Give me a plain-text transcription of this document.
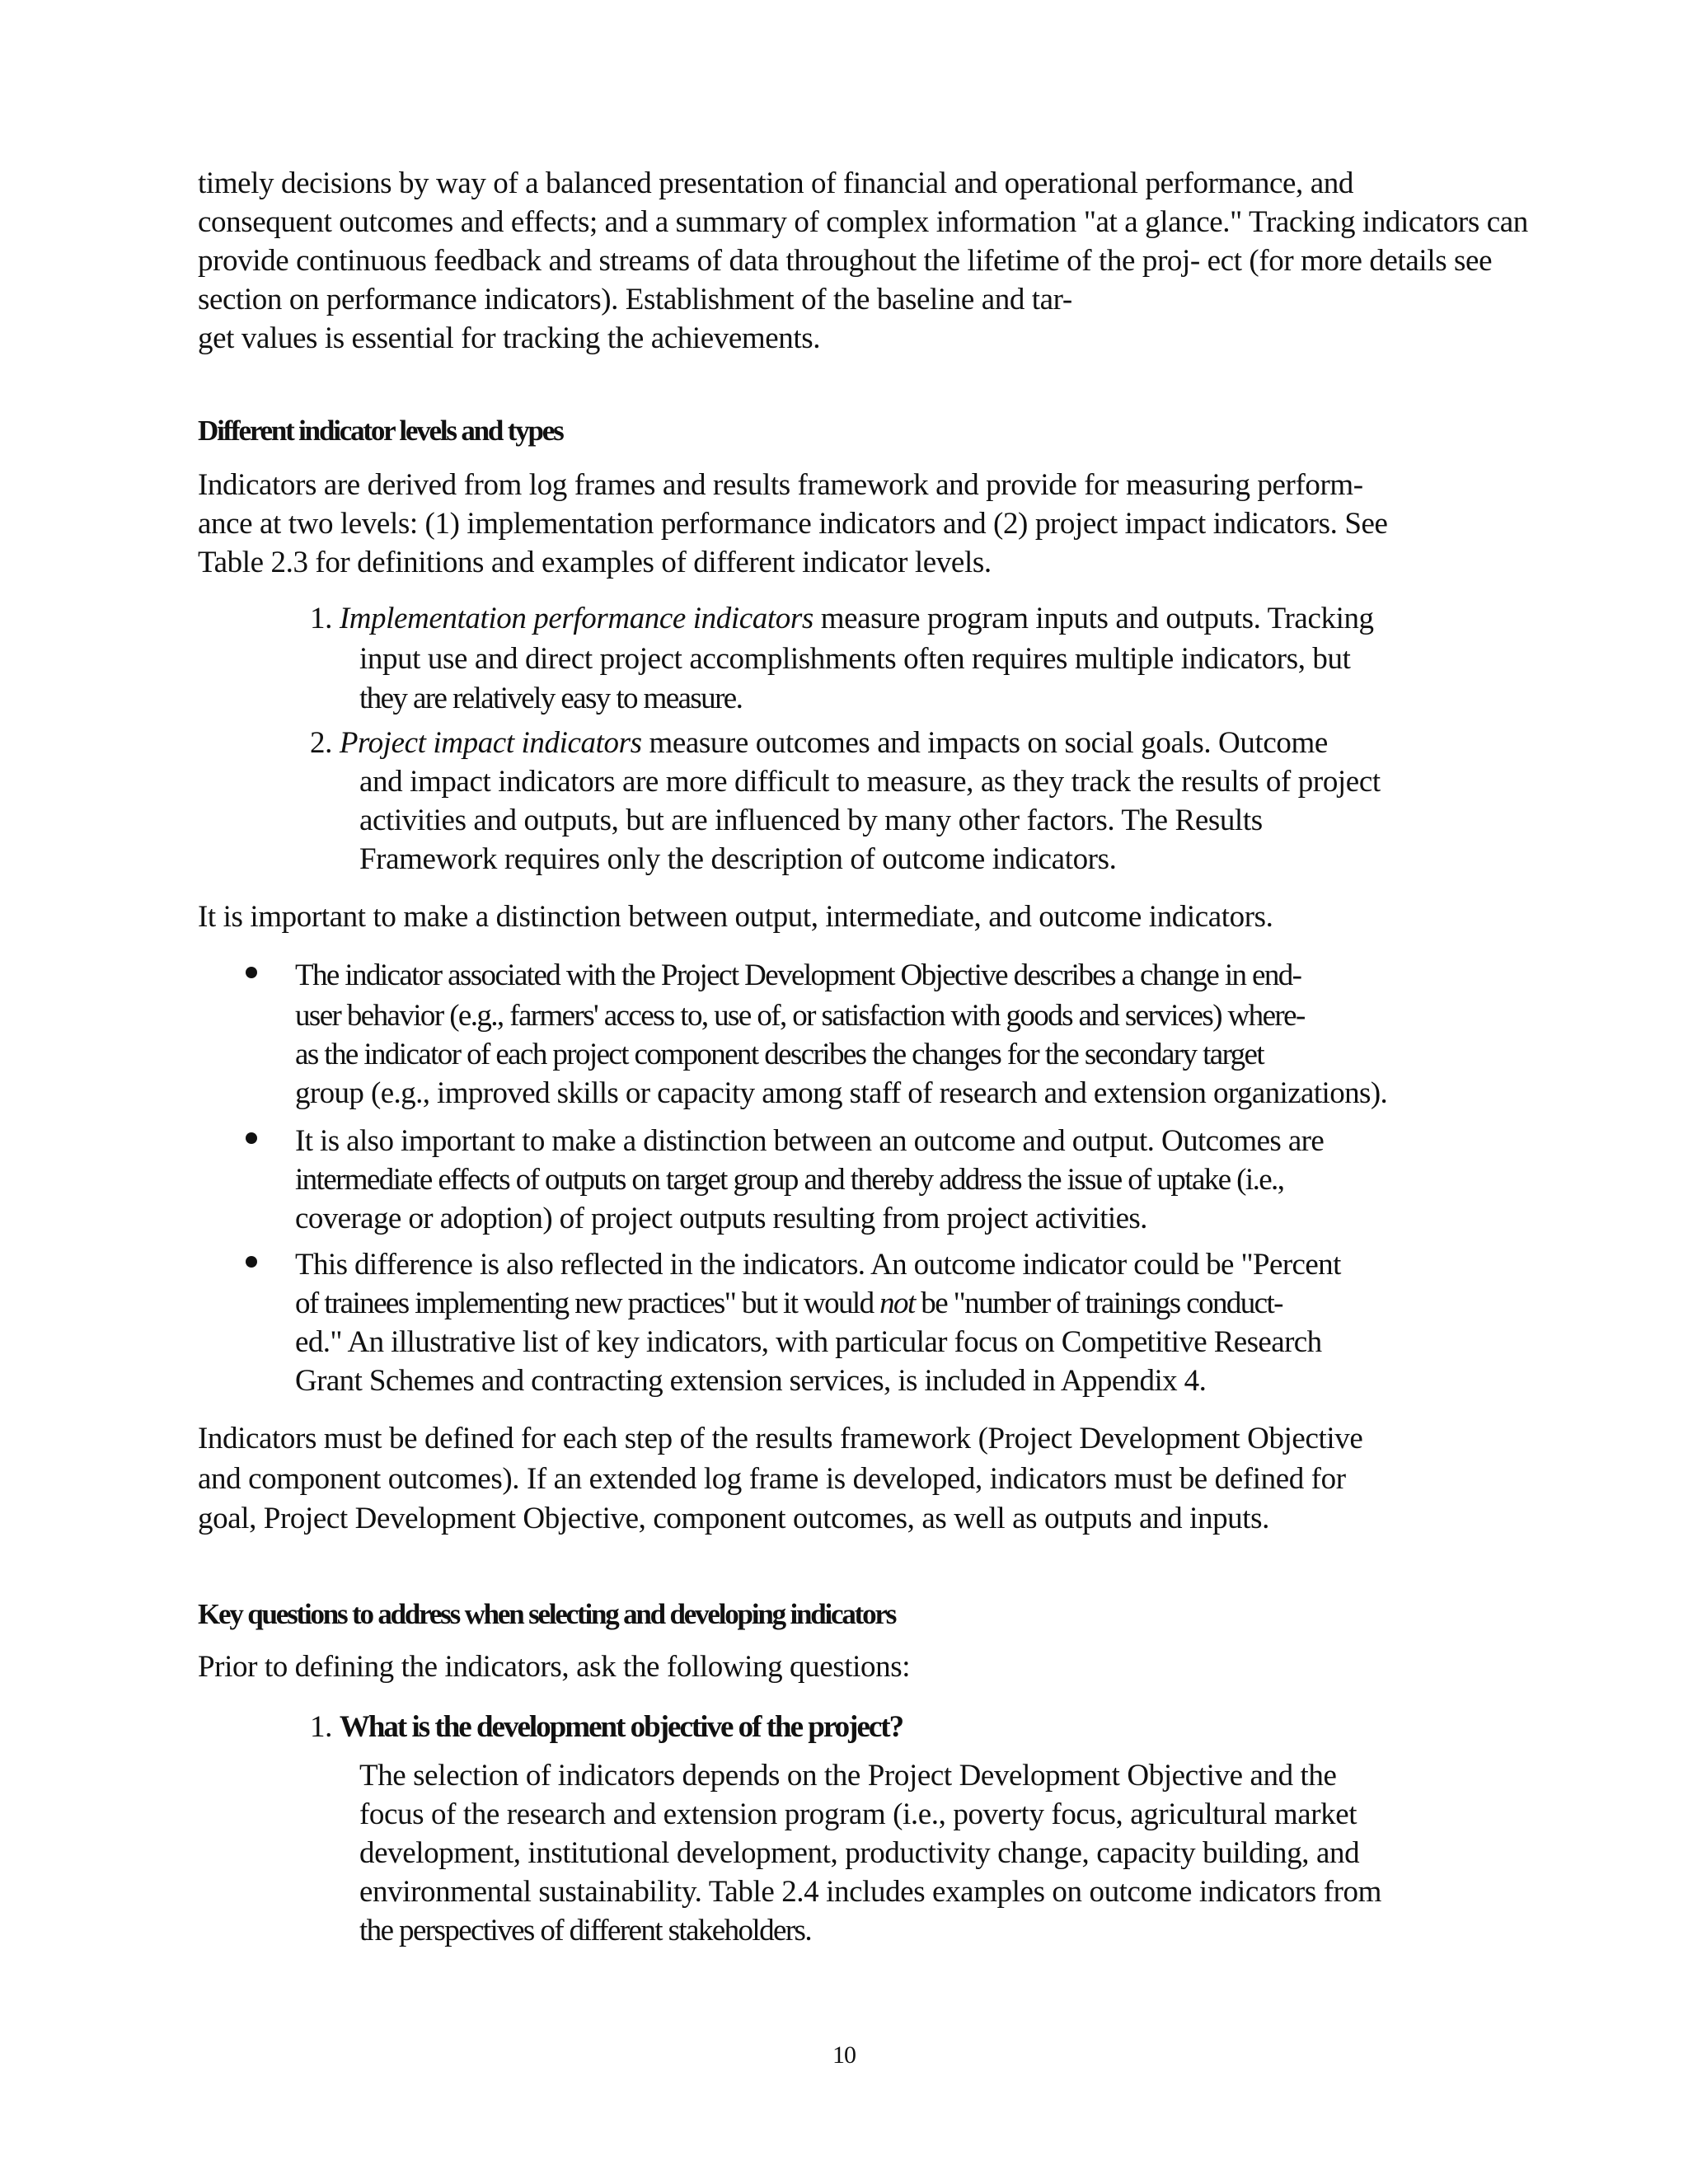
timely decisions by way of a balanced presentation of financial and operational performance, and
consequent outcomes and effects; and a summary of complex information "at a glance." Tracking indicators can
provide continuous feedback and streams of data throughout the lifetime of the proj- ect (for more details see
section on performance indicators). Establishment of the baseline and tar-
get values is essential for tracking the achievements.
Different indicator levels and types
Indicators are derived from log frames and results framework and provide for measuring perform-
ance at two levels: (1) implementation performance indicators and (2) project impact indicators. See
Table 2.3 for definitions and examples of different indicator levels.
1. Implementation performance indicators measure program inputs and outputs. Tracking
input use and direct project accomplishments often requires multiple indicators, but
they are relatively easy to measure.
2. Project impact indicators measure outcomes and impacts on social goals. Outcome
and impact indicators are more difficult to measure, as they track the results of project
activities and outputs, but are influenced by many other factors. The Results
Framework requires only the description of outcome indicators.
It is important to make a distinction between output, intermediate, and outcome indicators.
The indicator associated with the Project Development Objective describes a change in end-
user behavior (e.g., farmers' access to, use of, or satisfaction with goods and services) where-
as the indicator of each project component describes the changes for the secondary target
group (e.g., improved skills or capacity among staff of research and extension organizations).
It is also important to make a distinction between an outcome and output. Outcomes are
intermediate effects of outputs on target group and thereby address the issue of uptake (i.e.,
coverage or adoption) of project outputs resulting from project activities.
This difference is also reflected in the indicators. An outcome indicator could be "Percent
of trainees implementing new practices" but it would not be "number of trainings conduct-
ed." An illustrative list of key indicators, with particular focus on Competitive Research
Grant Schemes and contracting extension services, is included in Appendix 4.
Indicators must be defined for each step of the results framework (Project Development Objective
and component outcomes). If an extended log frame is developed, indicators must be defined for
goal, Project Development Objective, component outcomes, as well as outputs and inputs.
Key questions to address when selecting and developing indicators
Prior to defining the indicators, ask the following questions:
1. What is the development objective of the project?
The selection of indicators depends on the Project Development Objective and the
focus of the research and extension program (i.e., poverty focus, agricultural market
development, institutional development, productivity change, capacity building, and
environmental sustainability. Table 2.4 includes examples on outcome indicators from
the perspectives of different stakeholders.
10
